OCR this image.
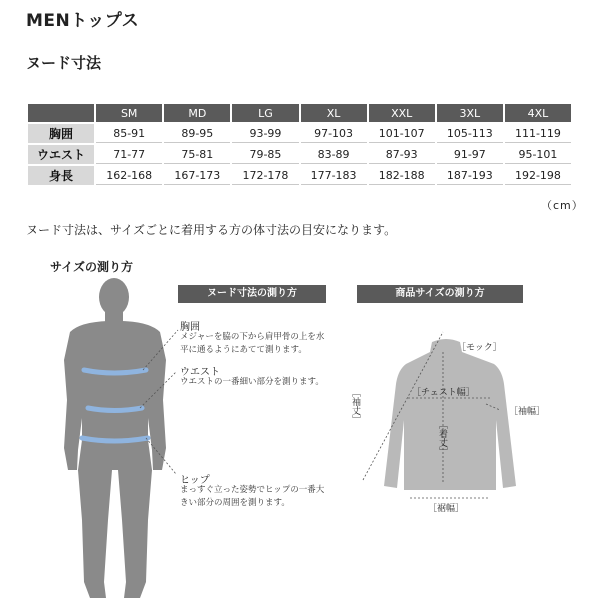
MENトップス
ヌード寸法
	SM	MD	LG	XL	XXL	3XL	4XL
胸囲	85-91	89-95	93-99	97-103	101-107	105-113	111-119
ウエスト	71-77	75-81	79-85	83-89	87-93	91-97	95-101
身長	162-168	167-173	172-178	177-183	182-188	187-193	192-198
（cm）
ヌード寸法は、サイズごとに着用する方の体寸法の目安になります。
サイズの測り方
ヌード寸法の測り方	商品サイズの測り方
胸囲
メジャーを脇の下から肩甲骨の上を水平に通るようにあてて測ります。
ウエスト
ウエストの一番細い部分を測ります。
ヒップ
まっすぐ立った姿勢でヒップの一番大きい部分の周囲を測ります。
［モック］
［チェスト幅］
［袖幅］
［袖丈］
［着丈］
［裾幅］
